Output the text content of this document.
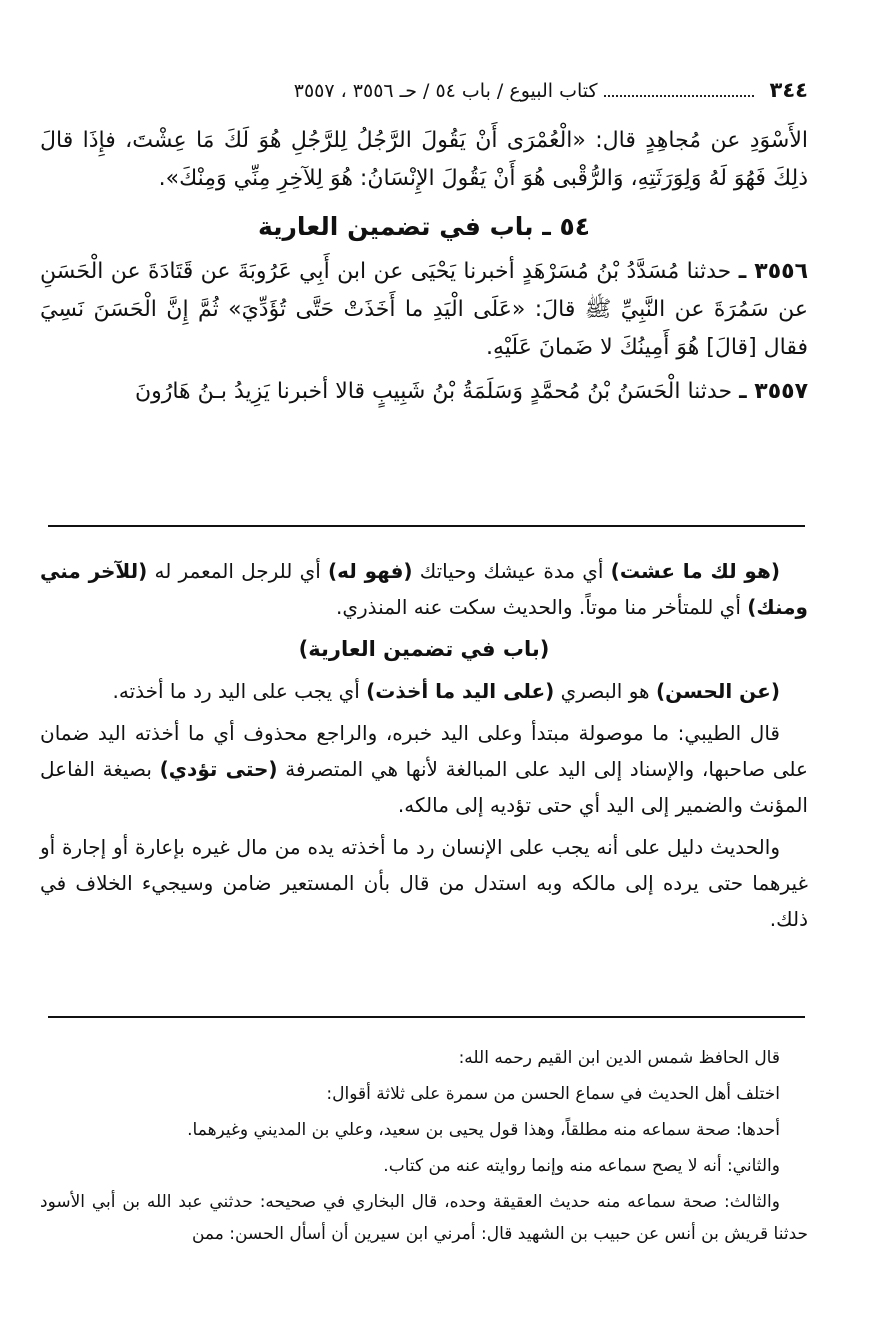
٣٤٤
كتاب البيوع / باب ٥٤ / حـ ٣٥٥٦ ، ٣٥٥٧

الأَسْوَدِ عن مُجاهِدٍ قال: «الْعُمْرَى أَنْ يَقُولَ الرَّجُلُ لِلرَّجُلِ هُوَ لَكَ مَا عِشْتَ، فإِذَا قالَ ذلِكَ فَهُوَ لَهُ وَلِوَرَثَتِهِ، وَالرُّقْبى هُوَ أَنْ يَقُولَ الإِنْسَانُ: هُوَ لِلآخِرِ مِنِّي وَمِنْكَ».

٥٤ ـ باب في تضمين العارية

٣٥٥٦ ـ حدثنا مُسَدَّدُ بْنُ مُسَرْهَدٍ أخبرنا يَحْيَى عن ابن أَبِي عَرُوبَةَ عن قَتَادَةَ عن الْحَسَنِ عن سَمُرَةَ عن النَّبِيِّ ﷺ قالَ: «عَلَى الْيَدِ ما أَخَذَتْ حَتَّى تُؤَدِّيَ» ثُمَّ إِنَّ الْحَسَنَ نَسِيَ فقال [قالَ] هُوَ أَمِينُكَ لا ضَمانَ عَلَيْهِ.

٣٥٥٧ ـ حدثنا الْحَسَنُ بْنُ مُحمَّدٍ وَسَلَمَةُ بْنُ شَبِيبٍ قالا أخبرنا يَزِيدُ بـنُ هَارُونَ

(هو لك ما عشت) أي مدة عيشك وحياتك (فهو له) أي للرجل المعمر له (للآخر مني ومنك) أي للمتأخر منا موتاً. والحديث سكت عنه المنذري.

(باب في تضمين العارية)

(عن الحسن) هو البصري (على اليد ما أخذت) أي يجب على اليد رد ما أخذته.

قال الطيبي: ما موصولة مبتدأ وعلى اليد خبره، والراجع محذوف أي ما أخذته اليد ضمان على صاحبها، والإسناد إلى اليد على المبالغة لأنها هي المتصرفة (حتى تؤدي) بصيغة الفاعل المؤنث والضمير إلى اليد أي حتى تؤديه إلى مالكه.

والحديث دليل على أنه يجب على الإنسان رد ما أخذته يده من مال غيره بإعارة أو إجارة أو غيرهما حتى يرده إلى مالكه وبه استدل من قال بأن المستعير ضامن وسيجيء الخلاف في ذلك.

قال الحافظ شمس الدين ابن القيم رحمه الله:

اختلف أهل الحديث في سماع الحسن من سمرة على ثلاثة أقوال:

أحدها: صحة سماعه منه مطلقاً، وهذا قول يحيى بن سعيد، وعلي بن المديني وغيرهما.

والثاني: أنه لا يصح سماعه منه وإنما روايته عنه من كتاب.

والثالث: صحة سماعه منه حديث العقيقة وحده، قال البخاري في صحيحه: حدثني عبد الله بن أبي الأسود حدثنا قريش بن أنس عن حبيب بن الشهيد قال: أمرني ابن سيرين أن أسأل الحسن: ممن
